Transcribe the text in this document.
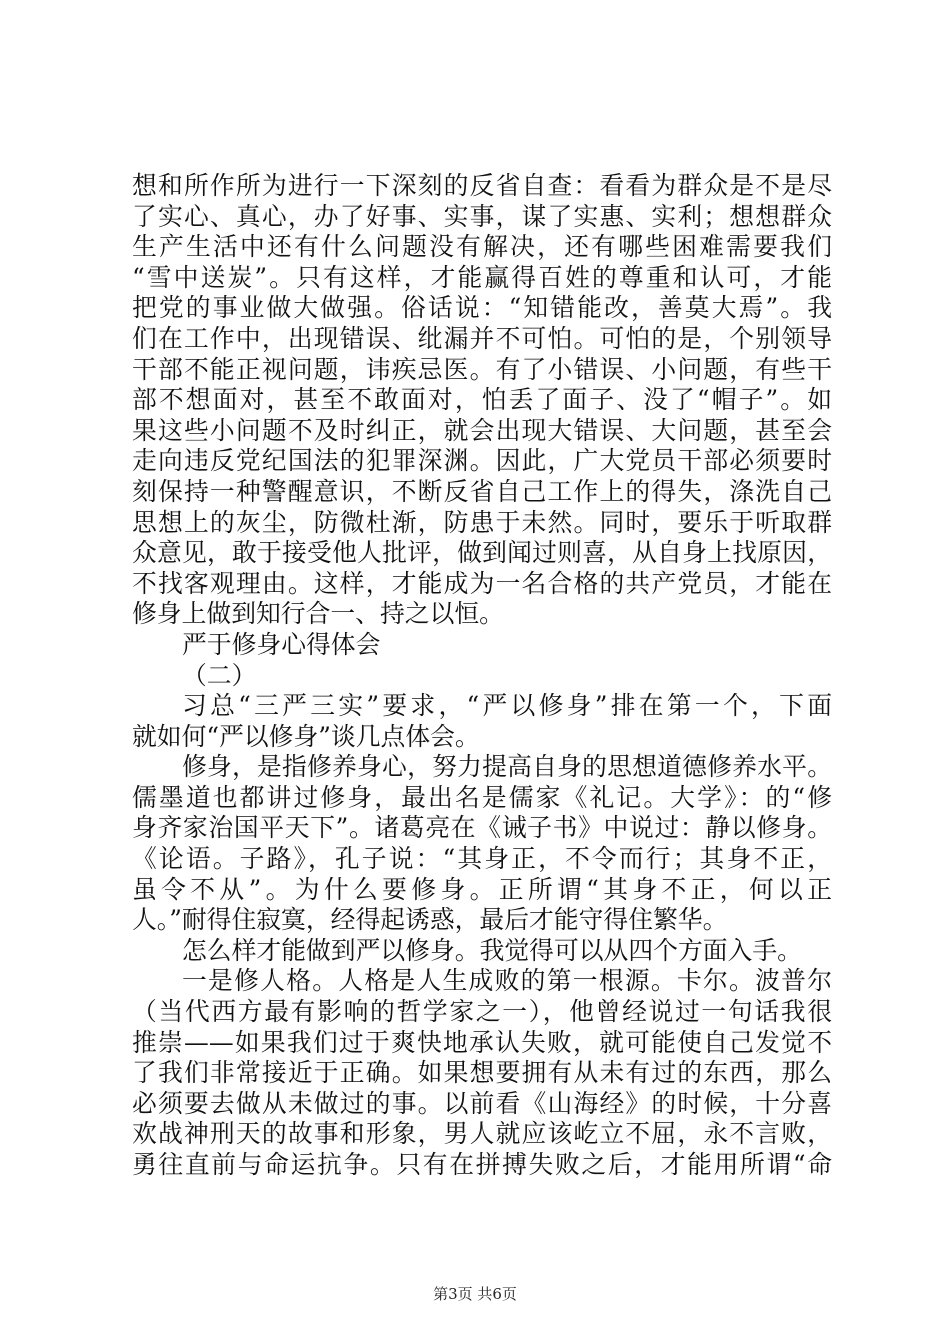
想和所作所为进行一下深刻的反省自查：看看为群众是不是尽
了实心、真心，办了好事、实事，谋了实惠、实利；想想群众
生产生活中还有什么问题没有解决，还有哪些困难需要我们
“雪中送炭”。只有这样，才能赢得百姓的尊重和认可，才能
把党的事业做大做强。俗话说：“知错能改，善莫大焉”。我
们在工作中，出现错误、纰漏并不可怕。可怕的是，个别领导
干部不能正视问题，讳疾忌医。有了小错误、小问题，有些干
部不想面对，甚至不敢面对，怕丢了面子、没了“帽子”。如
果这些小问题不及时纠正，就会出现大错误、大问题，甚至会
走向违反党纪国法的犯罪深渊。因此，广大党员干部必须要时
刻保持一种警醒意识，不断反省自己工作上的得失，涤洗自己
思想上的灰尘，防微杜渐，防患于未然。同时，要乐于听取群
众意见，敢于接受他人批评，做到闻过则喜，从自身上找原因，
不找客观理由。这样，才能成为一名合格的共产党员，才能在
修身上做到知行合一、持之以恒。
严于修身心得体会
（二）
习总“三严三实”要求，“严以修身”排在第一个，下面
就如何“严以修身”谈几点体会。
修身，是指修养身心，努力提高自身的思想道德修养水平。
儒墨道也都讲过修身，最出名是儒家《礼记。大学》：的“修
身齐家治国平天下”。诸葛亮在《诫子书》中说过：静以修身。
《论语。子路》，孔子说：“其身正，不令而行；其身不正，
虽令不从”。为什么要修身。正所谓“其身不正，何以正
人。”耐得住寂寞，经得起诱惑，最后才能守得住繁华。
怎么样才能做到严以修身。我觉得可以从四个方面入手。
一是修人格。人格是人生成败的第一根源。卡尔。波普尔
（当代西方最有影响的哲学家之一），他曾经说过一句话我很
推崇——如果我们过于爽快地承认失败，就可能使自己发觉不
了我们非常接近于正确。如果想要拥有从未有过的东西，那么
必须要去做从未做过的事。以前看《山海经》的时候，十分喜
欢战神刑天的故事和形象，男人就应该屹立不屈，永不言败，
勇往直前与命运抗争。只有在拼搏失败之后，才能用所谓“命
第3页 共6页
